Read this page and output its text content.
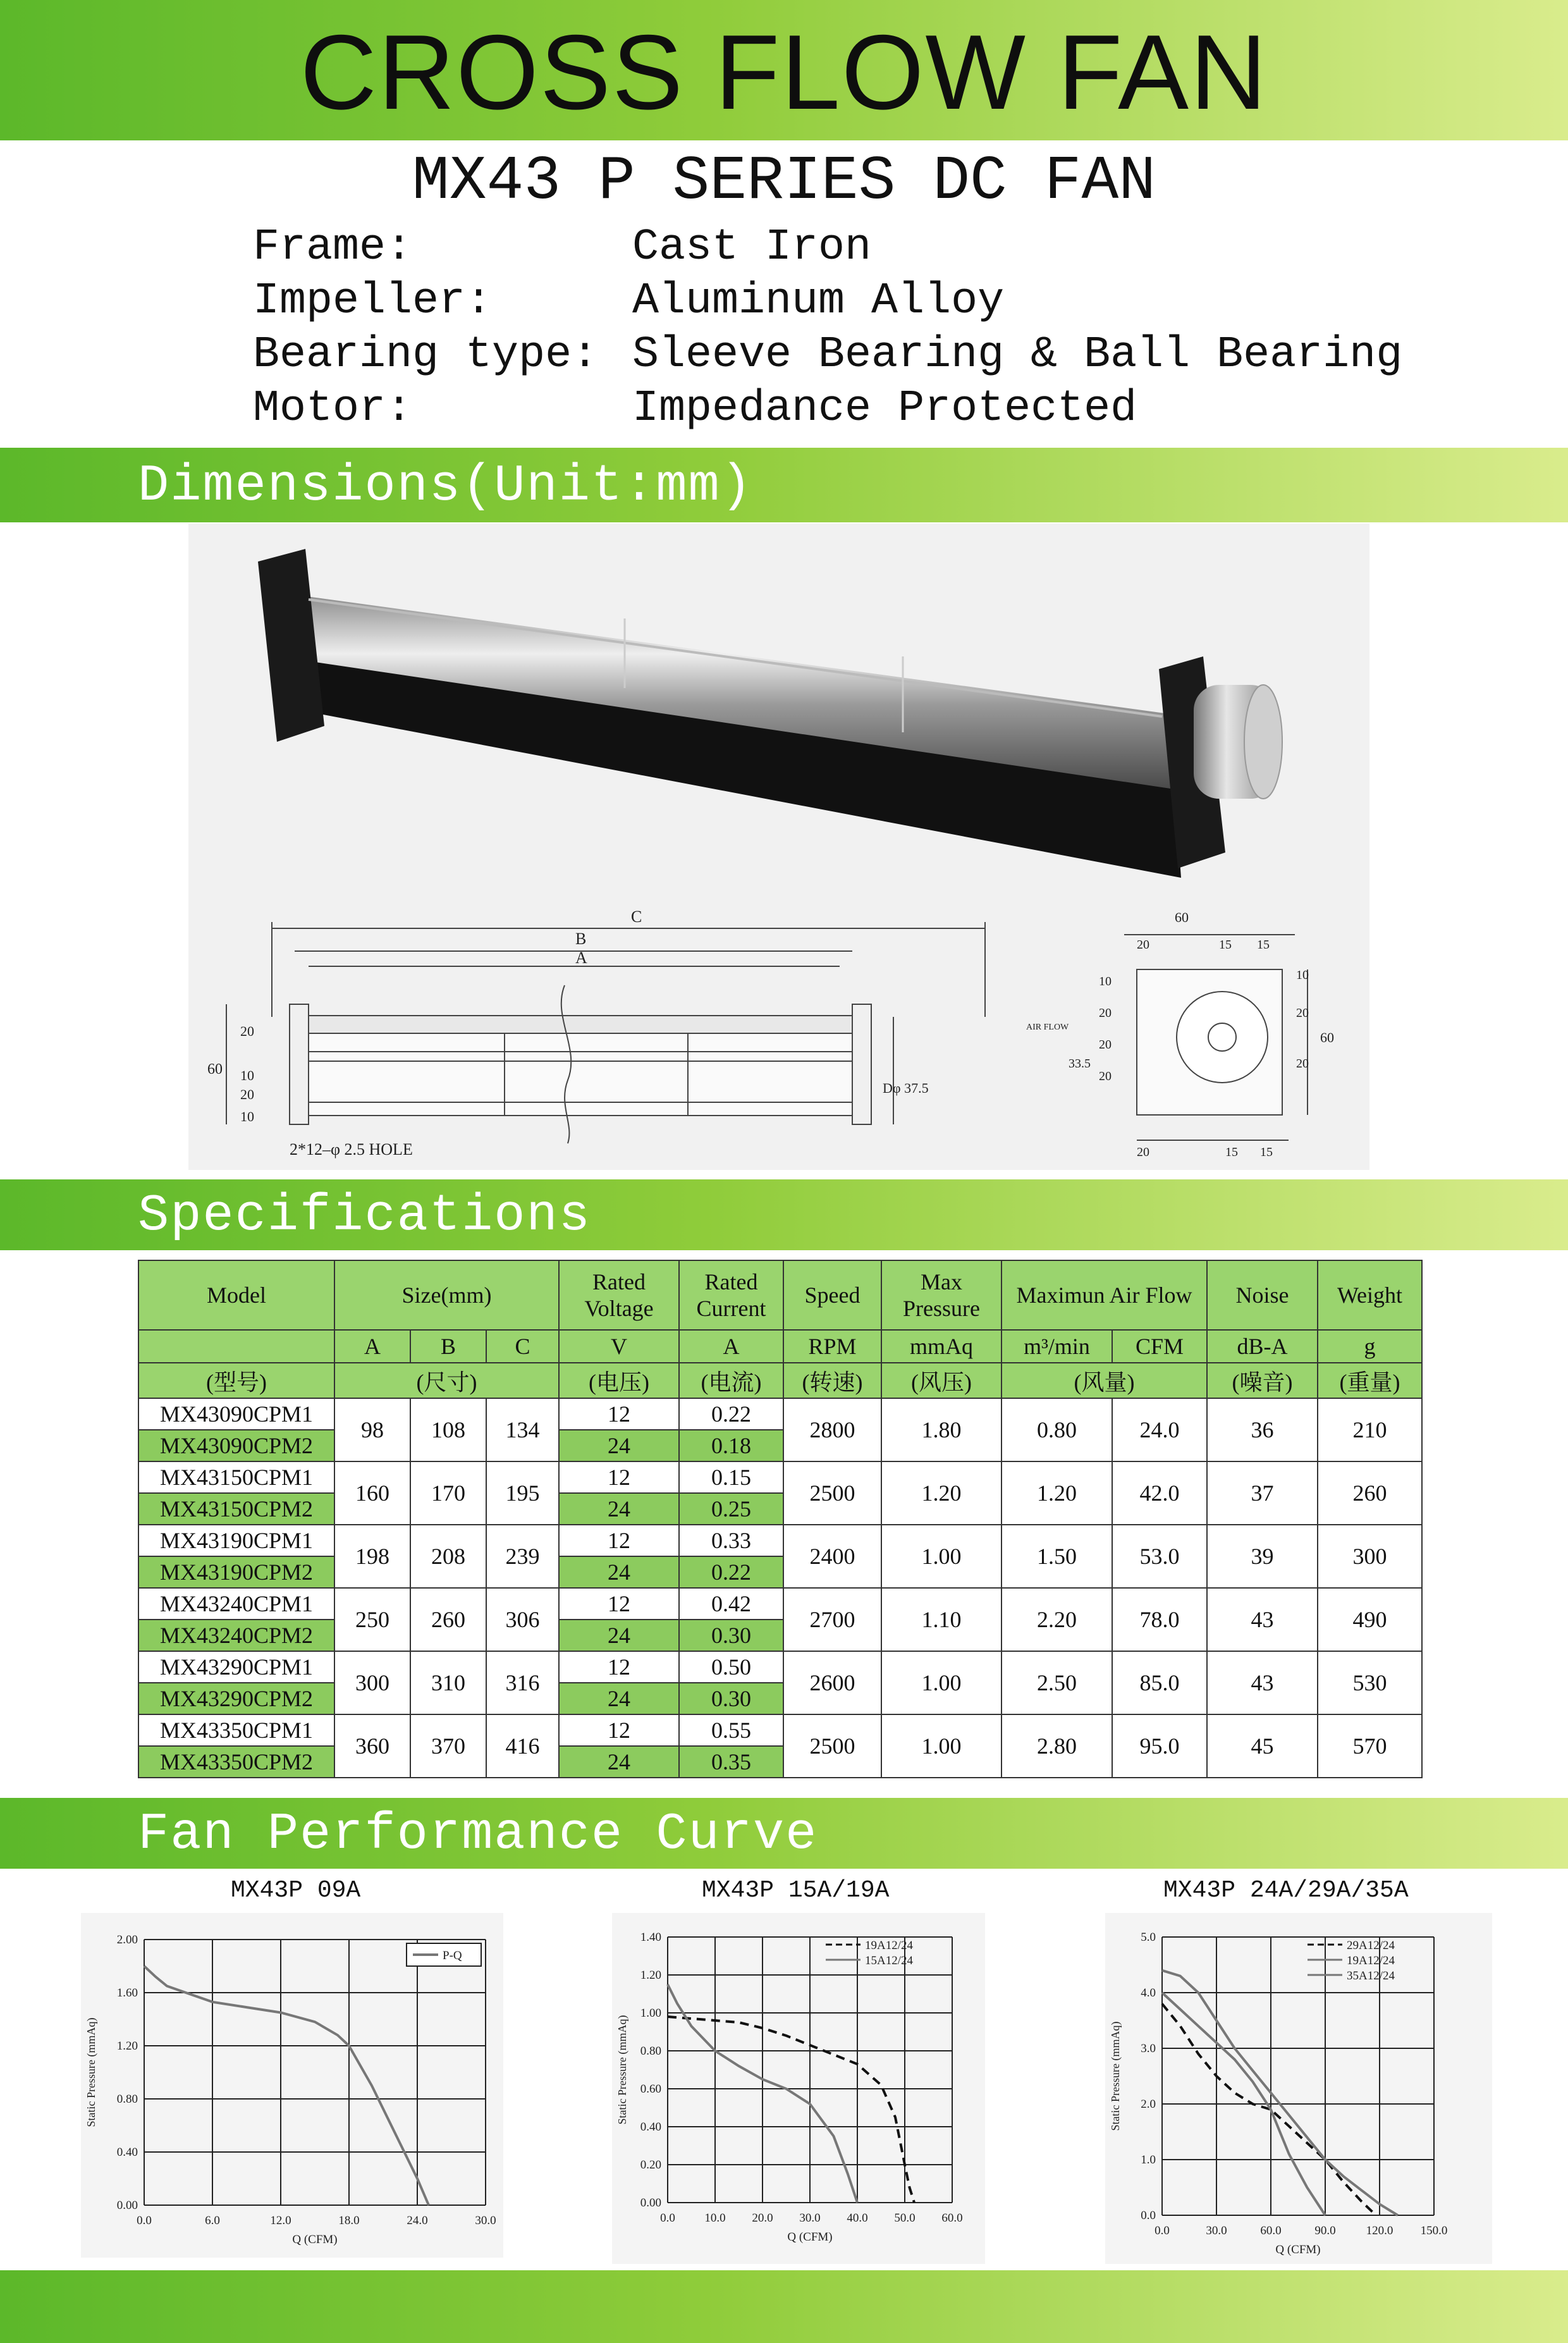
CROSS FLOW FAN
MX43 P SERIES DC FAN
Frame:	Cast Iron
Impeller:	Aluminum Alloy
Bearing type: Sleeve Bearing & Ball Bearing
Motor:	Impedance Protected
Dimensions(Unit:mm)
C
B
A
60
20
10
20
10
Dφ 37.5
2*12–φ 2.5 HOLE
60
20	15 15
20	15 15
10
20
20
20
33.5
AIR FLOW
10
20
20
60
Specifications
Model	Size(mm)			Rated Voltage	Rated Current	Speed	Max Pressure	Maximun Air Flow		Noise	Weight

	A	B	C	V	A	RPM	mmAq	m³/min	CFM	dB-A	g
(型号)	(尺寸)			(电压)	(电流)	(转速)	(风压)	(风量)		(噪音)	(重量)
MX43090CPM1	98	108	134	12	0.22	2800	1.80	0.80	24.0	36	210
MX43090CPM2				24	0.18						
MX43150CPM1	160	170	195	12	0.15	2500	1.20	1.20	42.0	37	260
MX43150CPM2				24	0.25						
MX43190CPM1	198	208	239	12	0.33	2400	1.00	1.50	53.0	39	300
MX43190CPM2				24	0.22						
MX43240CPM1	250	260	306	12	0.42	2700	1.10	2.20	78.0	43	490
MX43240CPM2				24	0.30						
MX43290CPM1	300	310	316	12	0.50	2600	1.00	2.50	85.0	43	530
MX43290CPM2				24	0.30						
MX43350CPM1	360	370	416	12	0.55	2500	1.00	2.80	95.0	45	570
MX43350CPM2				24	0.35						
Fan Performance Curve
MX43P 09A	MX43P 15A/19A	MX43P 24A/29A/35A
0.0	6.0	12.0	18.0	24.0	30.0
0.00
0.40
0.80
1.20
1.60
2.00
Q (CFM)
Static Pressure (mmAq)
P-Q
0.0 10.0 20.0 30.0 40.0 50.0 60.0
0.00
0.20
0.40
0.60
0.80
1.00
1.20
1.40
Q (CFM)
Static Pressure (mmAq)
19A12/24
15A12/24
0.0	30.0	60.0	90.0	120.0 150.0
0.0
1.0
2.0
3.0
4.0
5.0
Q (CFM)
Static Pressure (mmAq)
29A12/24
19A12/24
35A12/24
